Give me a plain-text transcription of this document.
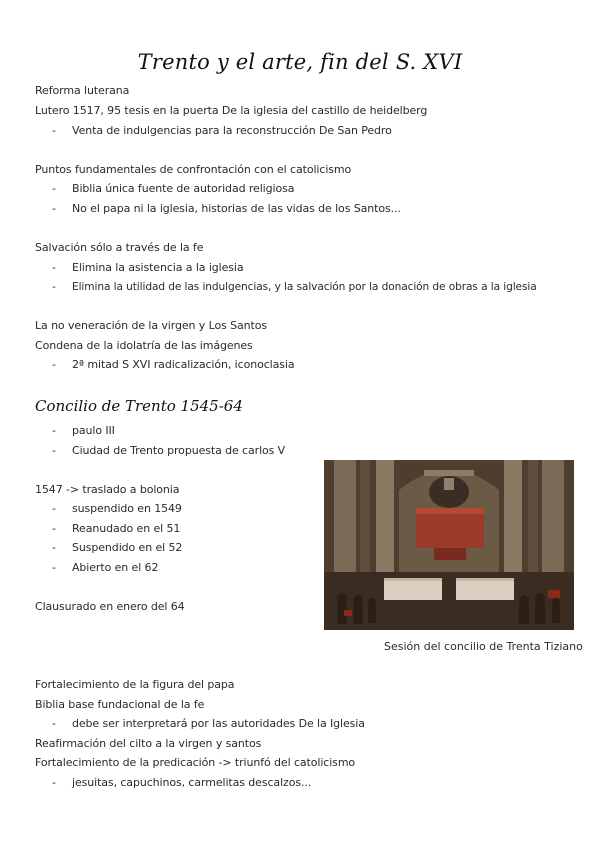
Trento y el arte, fin del S. XVI
Reforma luterana
Lutero 1517, 95 tesis en la puerta De la iglesia del castillo de heidelberg
- Venta de indulgencias para la reconstrucción De San Pedro
Puntos fundamentales de confrontación con el catolicismo
- Biblia única fuente de autoridad religiosa
- No el papa ni la iglesia, historias de las vidas de los Santos...
Salvación sólo a través de la fe
- Elimina la asistencia a la iglesia
- Elimina la utilidad de las indulgencias, y la salvación por la donación de obras a la iglesia
La no veneración de la virgen y Los Santos
Condena de la idolatría de las imágenes
- 2ª mitad S XVI radicalización, iconoclasia
Concilio de Trento 1545-64
- paulo III
- Ciudad de Trento propuesta de carlos V
1547 -> traslado a bolonia
- suspendido en 1549
- Reanudado en el 51
- Suspendido en el 52
- Abierto en el 62
Clausurado en enero del 64
Sesión del concilio de Trenta Tiziano
Fortalecimiento de la figura del papa
Biblia base fundacional de la fe
- debe ser interpretará por las autoridades De la Iglesia
Reafirmación del cilto a la virgen y santos
Fortalecimiento de la predicación -> triunfó del catolicismo
- jesuitas, capuchinos, carmelitas descalzos...
